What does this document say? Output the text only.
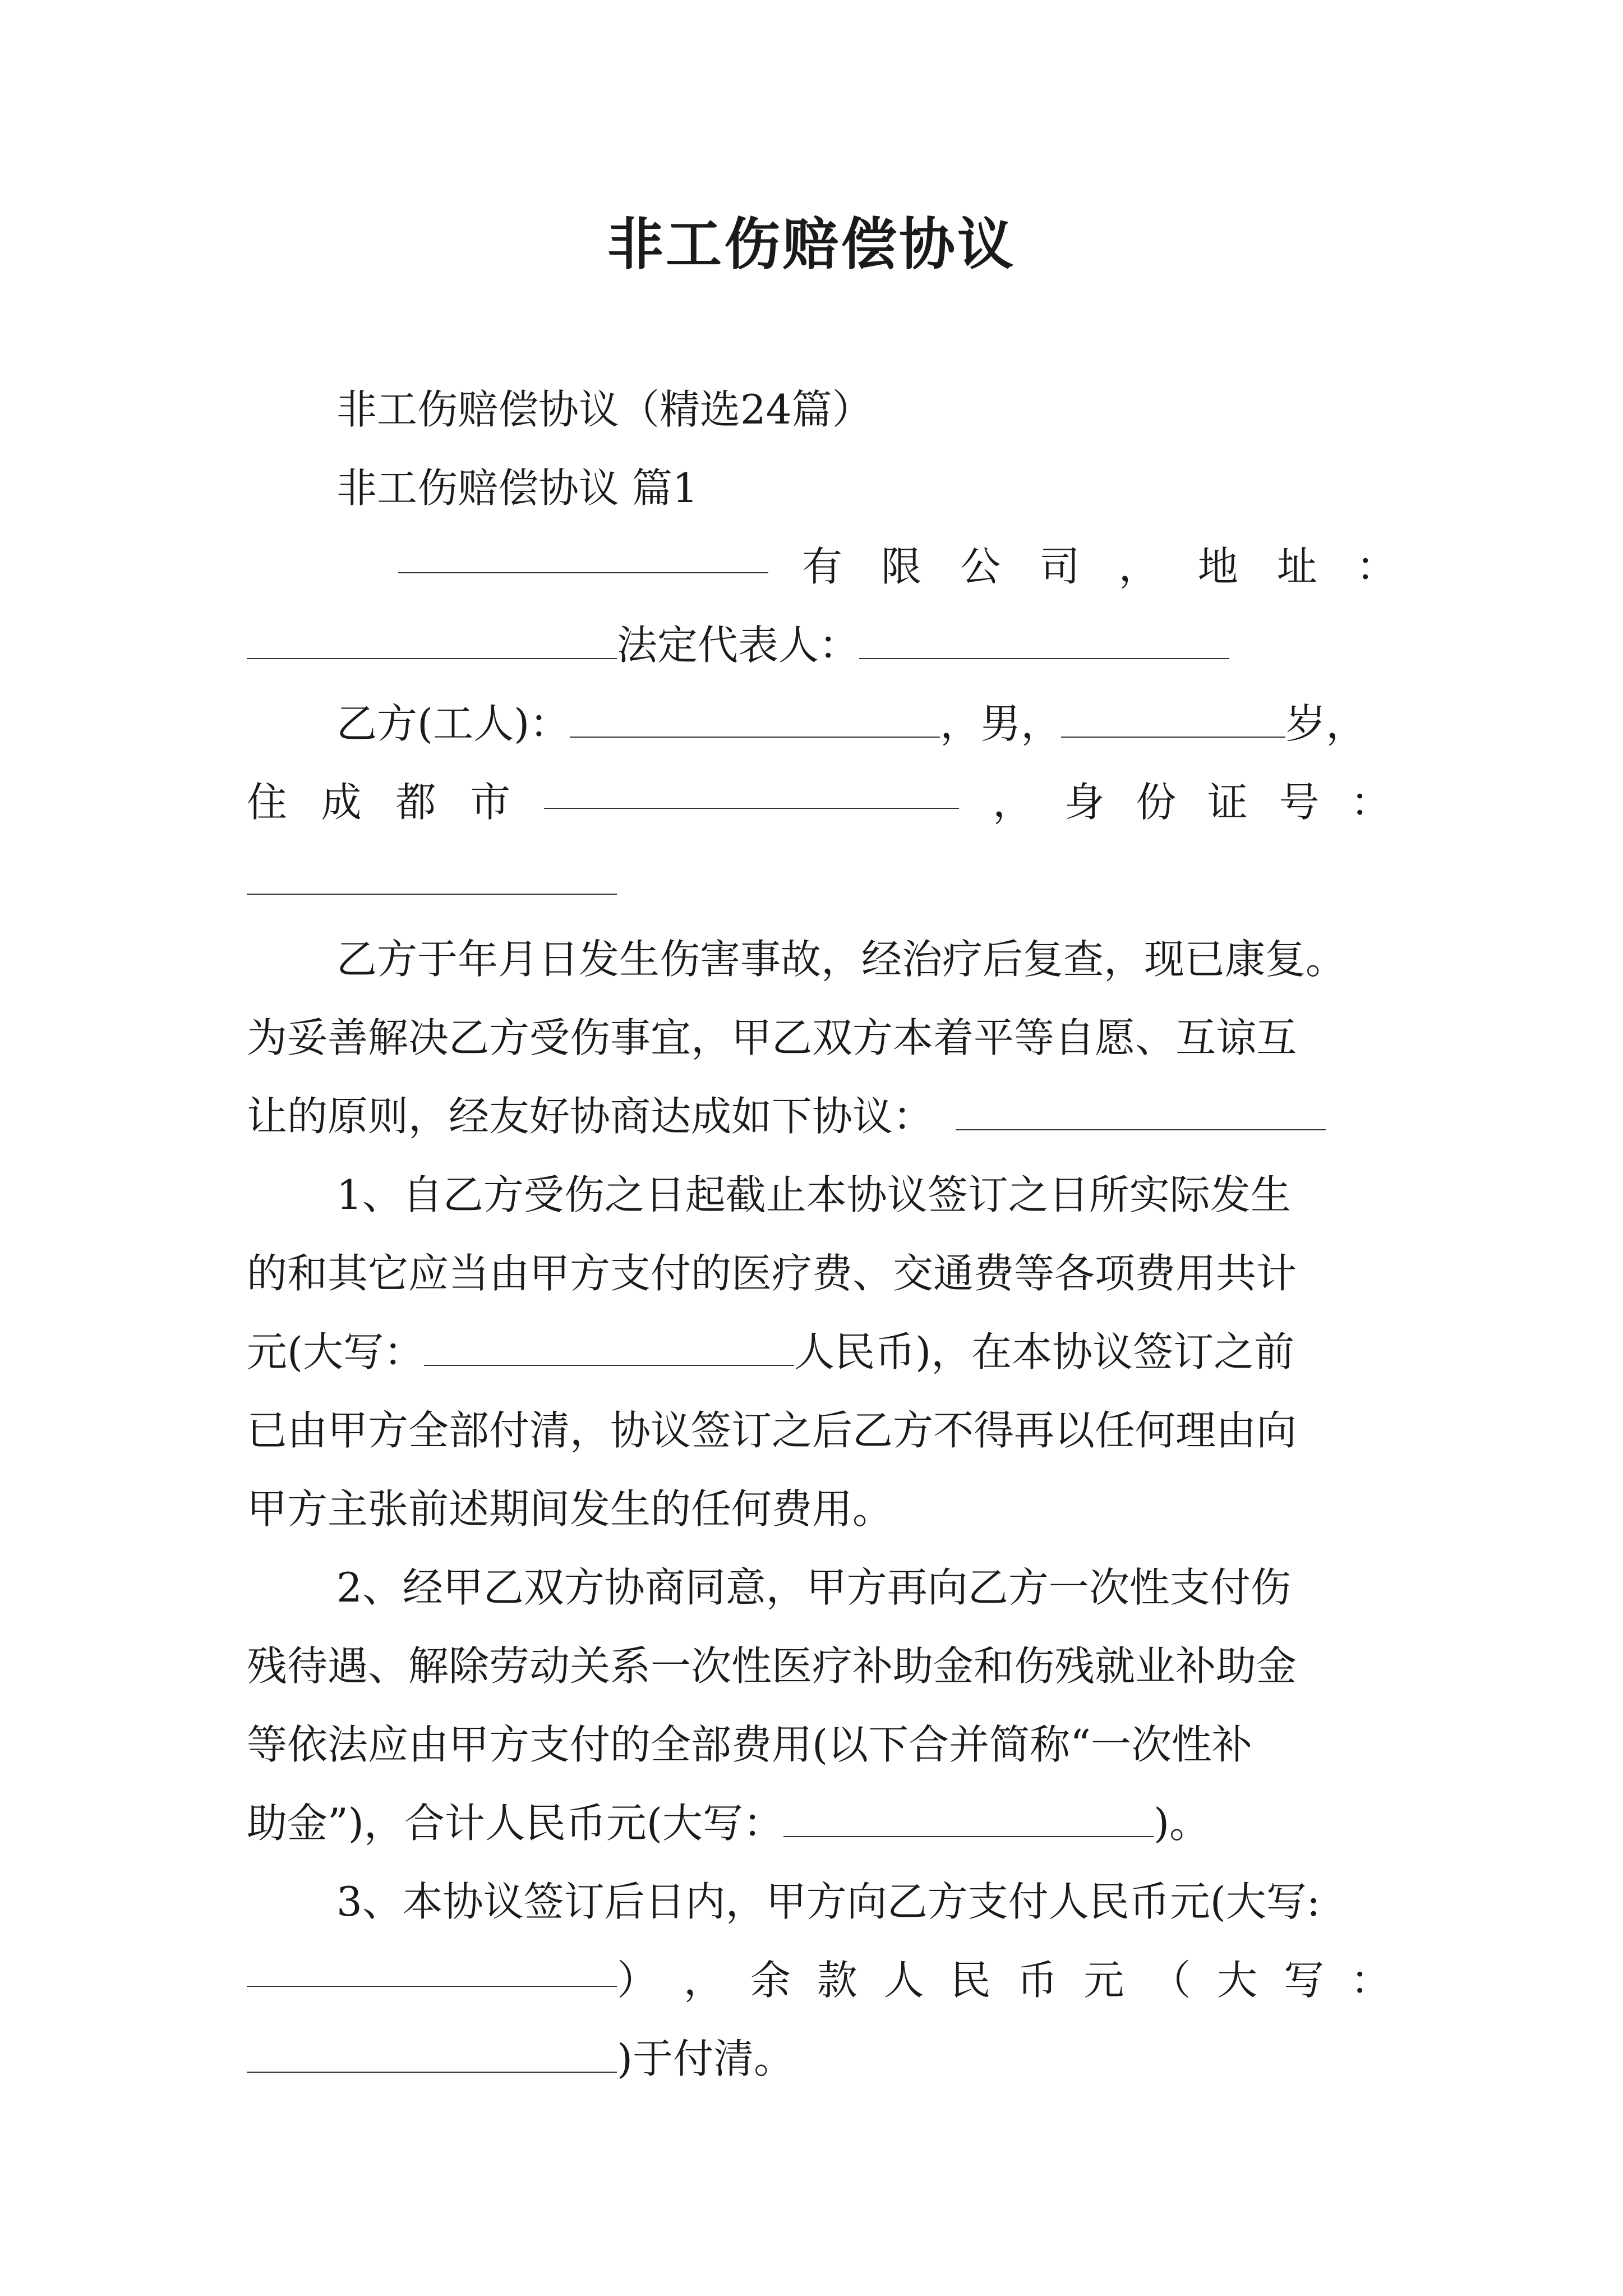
非工伤赔偿协议
非工伤赔偿协议（精选24篇）
非工伤赔偿协议 篇1
有 限 公 司 ， 地 址 ：
法定代表人：
乙方(工人)：	，男，	岁，
住 成 都 市	， 身 份 证 号 ：
乙方于年月日发生伤害事故，经治疗后复查，现已康复。
为妥善解决乙方受伤事宜，甲乙双方本着平等自愿、互谅互
让的原则，经友好协商达成如下协议：
1、自乙方受伤之日起截止本协议签订之日所实际发生
的和其它应当由甲方支付的医疗费、交通费等各项费用共计
元(大写：	人民币)，在本协议签订之前
已由甲方全部付清，协议签订之后乙方不得再以任何理由向
甲方主张前述期间发生的任何费用。
2、经甲乙双方协商同意，甲方再向乙方一次性支付伤
残待遇、解除劳动关系一次性医疗补助金和伤残就业补助金
等依法应由甲方支付的全部费用(以下合并简称“一次性补
助金”)，合计人民币元(大写：	)。
3、本协议签订后日内，甲方向乙方支付人民币元(大写:
） ， 余 款 人 民 币 元 （ 大 写 ：
)于付清。
